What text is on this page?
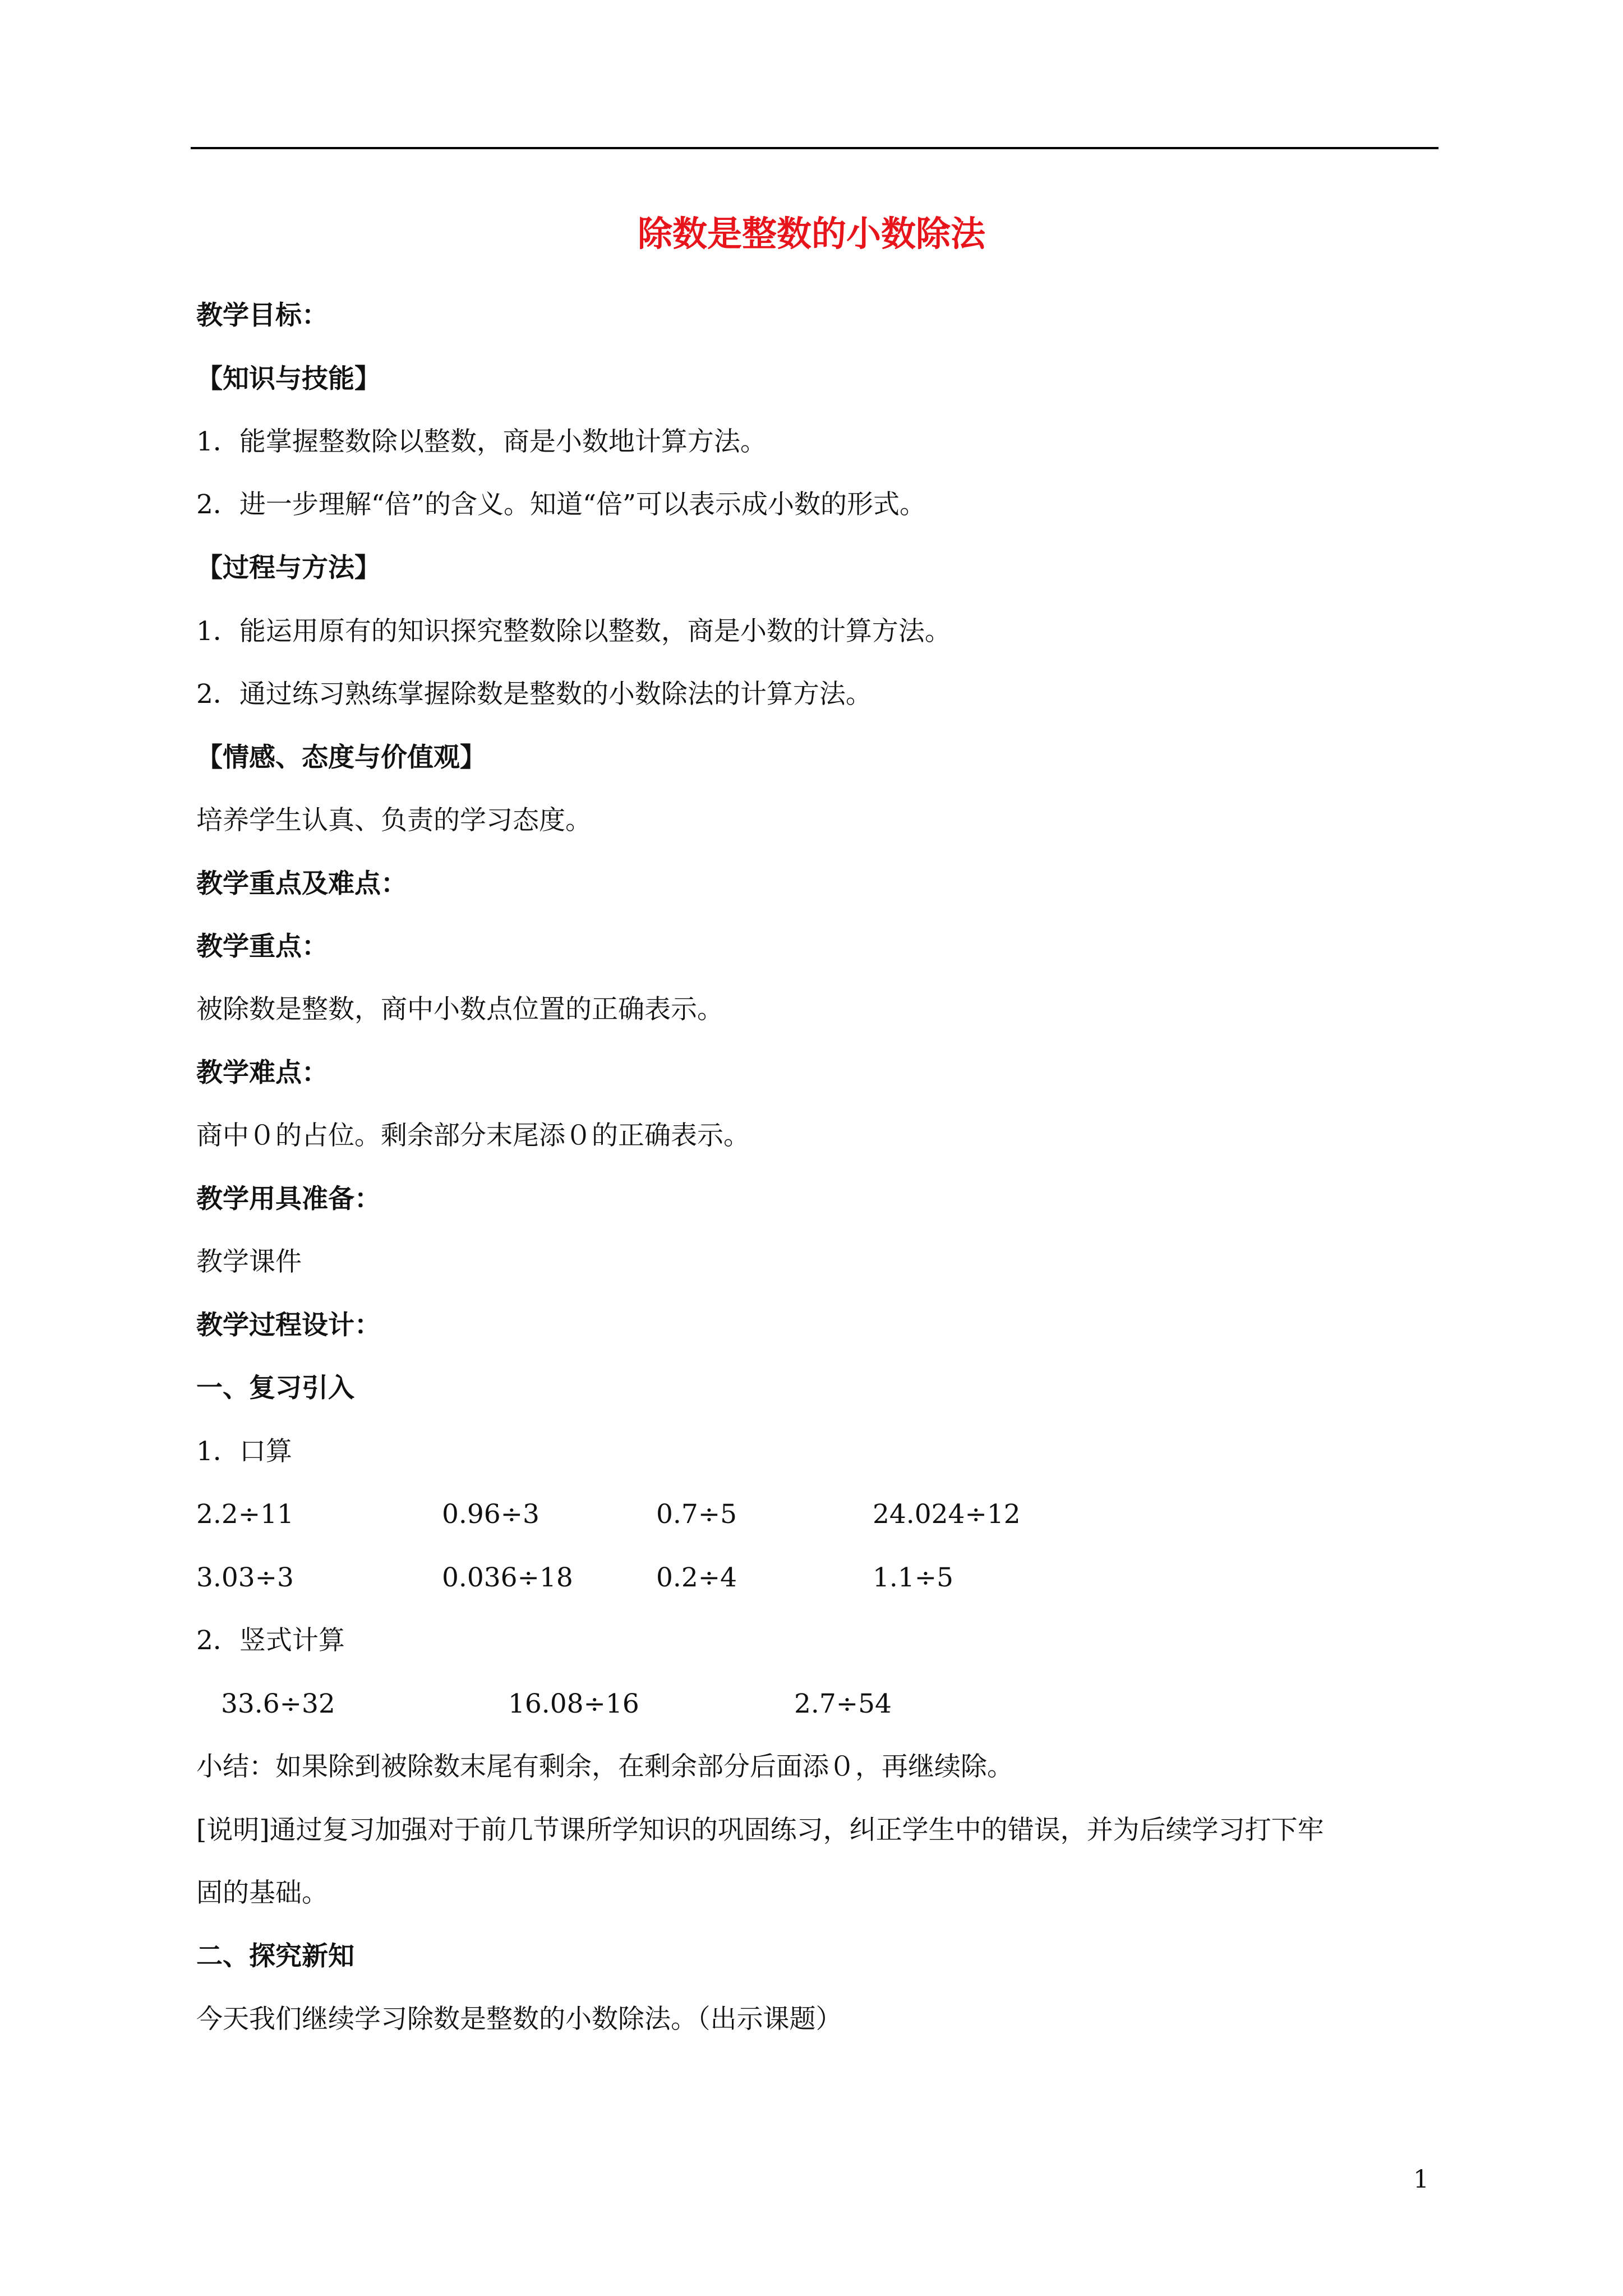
除数是整数的小数除法
教学目标：
【知识与技能】
1．能掌握整数除以整数，商是小数地计算方法。
2．进一步理解“倍”的含义。知道“倍”可以表示成小数的形式。
【过程与方法】
1．能运用原有的知识探究整数除以整数，商是小数的计算方法。
2．通过练习熟练掌握除数是整数的小数除法的计算方法。
【情感、态度与价值观】
培养学生认真、负责的学习态度。
教学重点及难点：
教学重点：
被除数是整数，商中小数点位置的正确表示。
教学难点：
商中０的占位。剩余部分末尾添０的正确表示。
教学用具准备：
教学课件
教学过程设计：
一、复习引入
1．口算
2.2÷11	0.96÷3	0.7÷5	24.024÷12
3.03÷3	0.036÷18	0.2÷4	1.1÷5
2．竖式计算
33.6÷32	16.08÷16	2.7÷54
小结：如果除到被除数末尾有剩余，在剩余部分后面添０，再继续除。
[说明]通过复习加强对于前几节课所学知识的巩固练习，纠正学生中的错误，并为后续学习打下牢
固的基础。
二、探究新知
今天我们继续学习除数是整数的小数除法。（出示课题）
1
